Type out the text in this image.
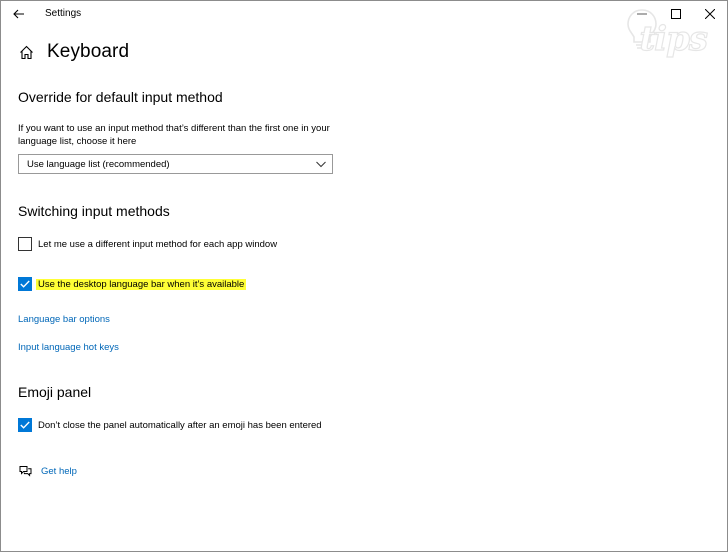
Settings
tips
Keyboard
Override for default input method
If you want to use an input method that’s different than the first one in your language list, choose it here
Use language list (recommended)
Switching input methods
Let me use a different input method for each app window
Use the desktop language bar when it’s available
Language bar options
Input language hot keys
Emoji panel
Don’t close the panel automatically after an emoji has been entered
Get help
